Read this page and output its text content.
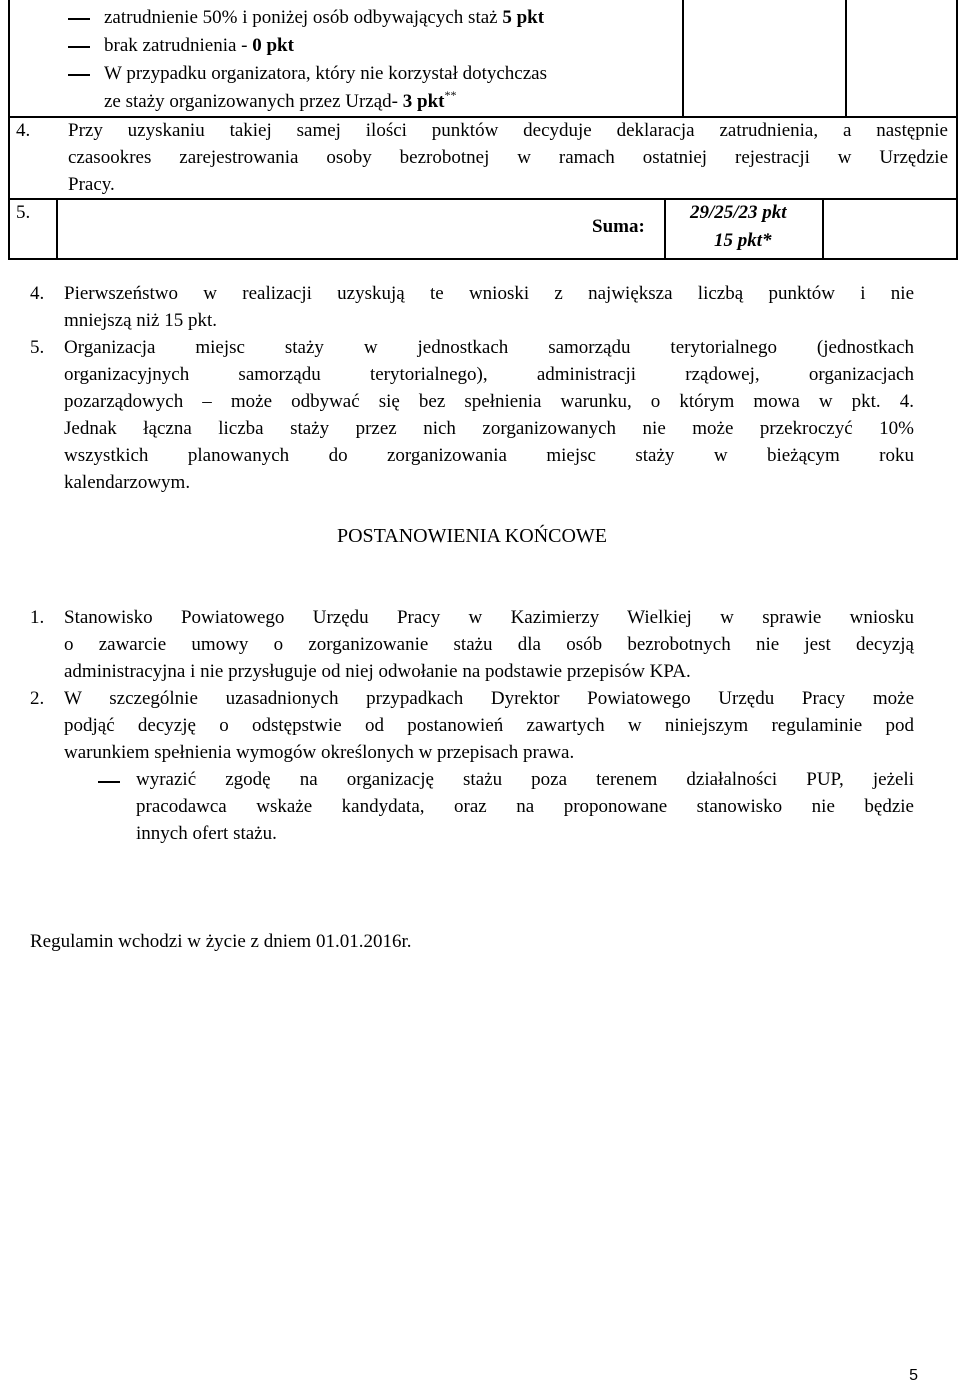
zatrudnienie 50% i poniżej osób odbywających staż 5 pkt
brak zatrudnienia - 0 pkt
W przypadku organizatora, który nie korzystał dotychczas
ze staży organizowanych przez Urząd- 3 pkt**
4. Przy uzyskaniu takiej samej ilości punktów decyduje deklaracja zatrudnienia, a następnie
czasookres zarejestrowania osoby bezrobotnej w ramach ostatniej rejestracji w Urzędzie
Pracy.
5.
Suma:
29/25/23 pkt
15 pkt*
4. Pierwszeństwo w realizacji uzyskują te wnioski z największa liczbą punktów i nie
mniejszą niż 15 pkt.
5. Organizacja miejsc staży w jednostkach samorządu terytorialnego (jednostkach
organizacyjnych samorządu terytorialnego), administracji rządowej, organizacjach
pozarządowych – może odbywać się bez spełnienia warunku, o którym mowa w pkt. 4.
Jednak łączna liczba staży przez nich zorganizowanych nie może przekroczyć 10%
wszystkich planowanych do zorganizowania miejsc staży w bieżącym roku
kalendarzowym.
POSTANOWIENIA KOŃCOWE
1. Stanowisko Powiatowego Urzędu Pracy w Kazimierzy Wielkiej w sprawie wniosku
o zawarcie umowy o zorganizowanie stażu dla osób bezrobotnych nie jest decyzją
administracyjna i nie przysługuje od niej odwołanie na podstawie przepisów KPA.
2. W szczególnie uzasadnionych przypadkach Dyrektor Powiatowego Urzędu Pracy może
podjąć decyzję o odstępstwie od postanowień zawartych w niniejszym regulaminie pod
warunkiem spełnienia wymogów określonych w przepisach prawa.
wyrazić zgodę na organizację stażu poza terenem działalności PUP, jeżeli
pracodawca wskaże kandydata, oraz na proponowane stanowisko nie będzie
innych ofert stażu.
Regulamin wchodzi w życie z dniem 01.01.2016r.
5
